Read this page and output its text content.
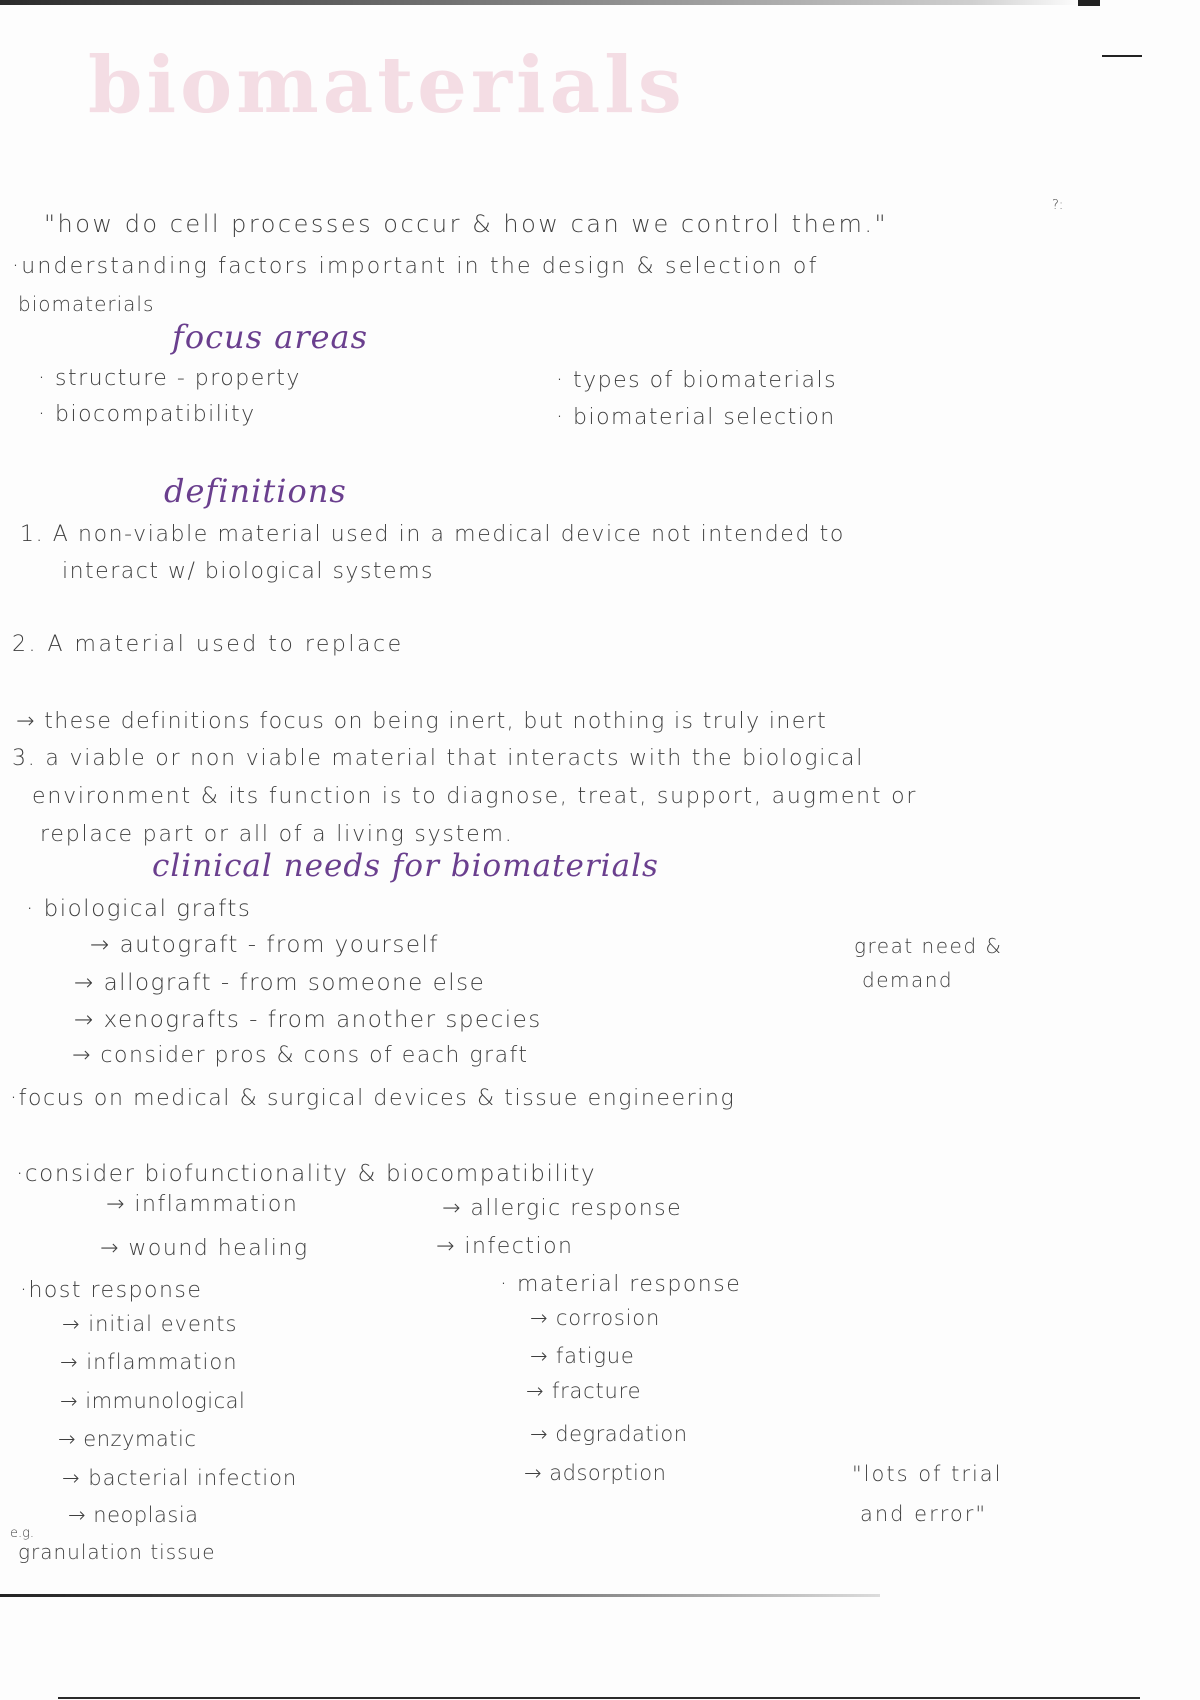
biomaterials
"how do cell processes occur & how can we control them."
?:
·understanding factors important in the design & selection of
biomaterials
focus areas
· structure - property
· biocompatibility
· types of biomaterials
· biomaterial selection
definitions
1. A non-viable material used in a medical device not intended to
interact w/ biological systems
2. A material used to replace
→ these definitions focus on being inert, but nothing is truly inert
3. a viable or non viable material that interacts with the biological
environment & its function is to diagnose, treat, support, augment or
replace part or all of a living system.
clinical needs for biomaterials
· biological grafts
→ autograft - from yourself
→ allograft - from someone else
→ xenografts - from another species
→ consider pros & cons of each graft
great need &
demand
·focus on medical & surgical devices & tissue engineering
·consider biofunctionality & biocompatibility
→ inflammation
→ wound healing
→ allergic response
→ infection
·host response
→ initial events
→ inflammation
→ immunological
→ enzymatic
→ bacterial infection
→ neoplasia
e.g.
granulation tissue
· material response
→ corrosion
→ fatigue
→ fracture
→ degradation
→ adsorption	"lots of trial
and error"
